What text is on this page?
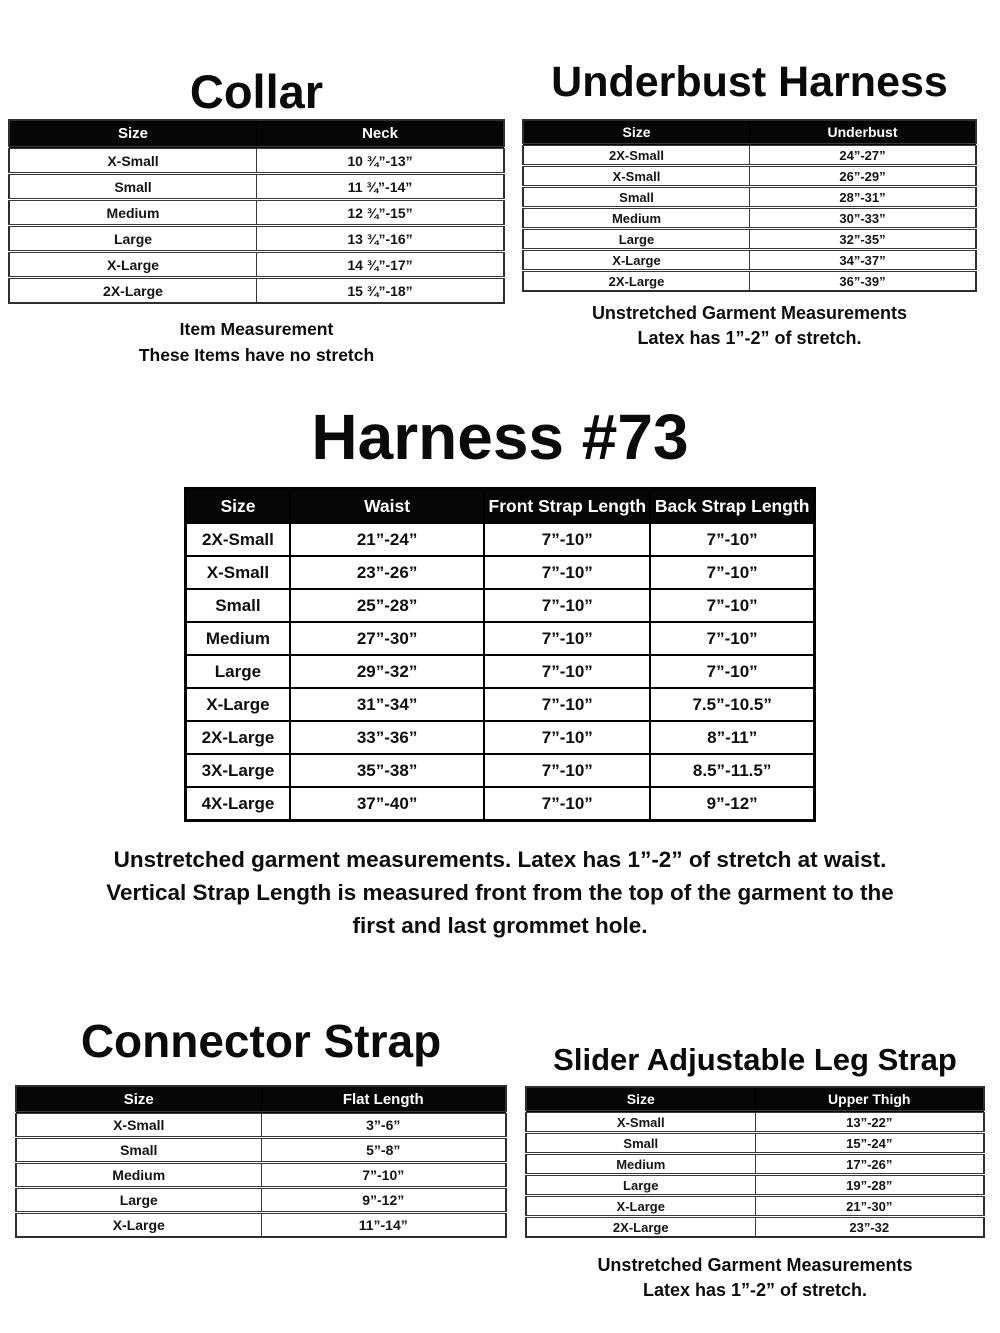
Collar
Size	Neck
X-Small	10 ¾”-13”
Small	11 ¾”-14”
Medium	12 ¾”-15”
Large	13 ¾”-16”
X-Large	14 ¾”-17”
2X-Large	15 ¾”-18”
Item Measurement
These Items have no stretch
Underbust Harness
Size	Underbust
2X-Small	24”-27”
X-Small	26”-29”
Small	28”-31”
Medium	30”-33”
Large	32”-35”
X-Large	34”-37”
2X-Large	36”-39”
Unstretched Garment Measurements
Latex has 1”-2” of stretch.
Harness #73
Size	Waist	Front Strap Length	Back Strap Length
2X-Small	21”-24”	7”-10”	7”-10”
X-Small	23”-26”	7”-10”	7”-10”
Small	25”-28”	7”-10”	7”-10”
Medium	27”-30”	7”-10”	7”-10”
Large	29”-32”	7”-10”	7”-10”
X-Large	31”-34”	7”-10”	7.5”-10.5”
2X-Large	33”-36”	7”-10”	8”-11”
3X-Large	35”-38”	7”-10”	8.5”-11.5”
4X-Large	37”-40”	7”-10”	9”-12”
Unstretched garment measurements. Latex has 1”-2” of stretch at waist.
Vertical Strap Length is measured front from the top of the garment to the
first and last grommet hole.
Connector Strap
Size	Flat Length
X-Small	3”-6”
Small	5”-8”
Medium	7”-10”
Large	9”-12”
X-Large	11”-14”
Slider Adjustable Leg Strap
Size	Upper Thigh
X-Small	13”-22”
Small	15”-24”
Medium	17”-26”
Large	19”-28”
X-Large	21”-30”
2X-Large	23”-32
Unstretched Garment Measurements
Latex has 1”-2” of stretch.
